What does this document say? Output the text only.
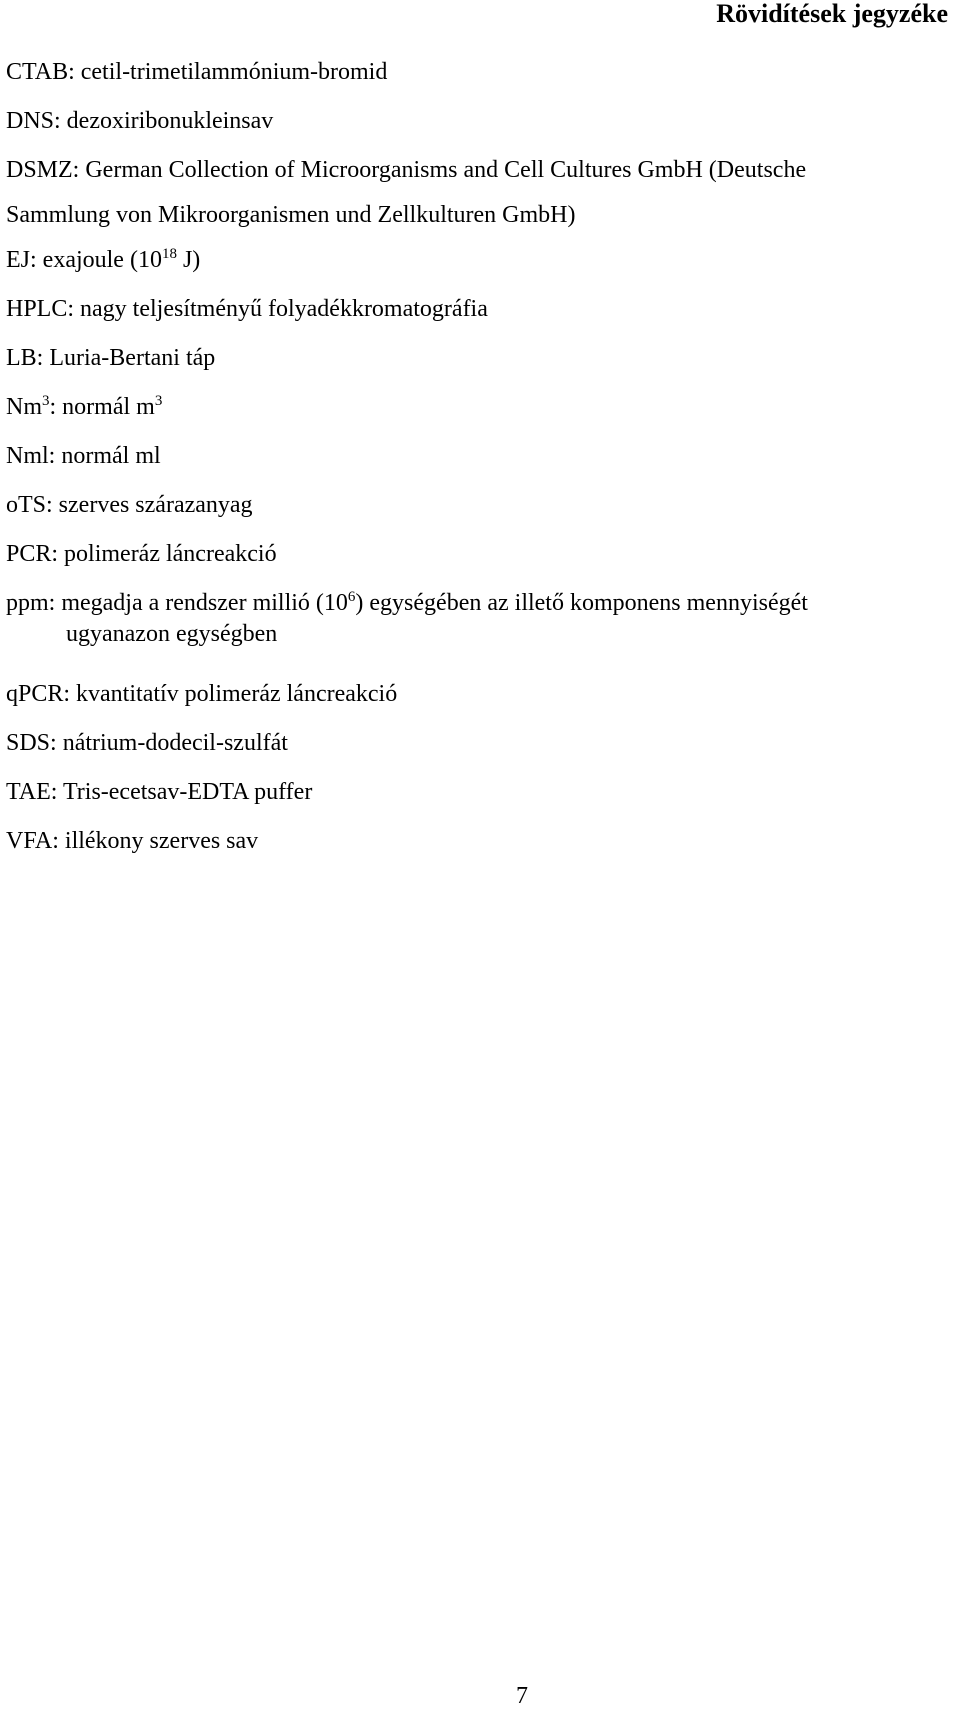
Rövidítések jegyzéke
CTAB: cetil-trimetilammónium-bromid
DNS: dezoxiribonukleinsav
DSMZ: German Collection of Microorganisms and Cell Cultures GmbH (Deutsche
Sammlung von Mikroorganismen und Zellkulturen GmbH)
EJ: exajoule ($10^{18}$ J)
HPLC: nagy teljesítményű folyadékkromatográfia
LB: Luria-Bertani táp
Nm$^3$: normál $m^3$
Nml: normál ml
oTS: szerves szárazanyag
PCR: polimeráz láncreakció
ppm: megadja a rendszer millió $(10^6)$ egységében az illető komponens mennyiségét
ugyanazon egységben
qPCR: kvantitatív polimeráz láncreakció
SDS: nátrium-dodecil-szulfát
TAE: Tris-ecetsav-EDTA puffer
VFA: illékony szerves sav
7
